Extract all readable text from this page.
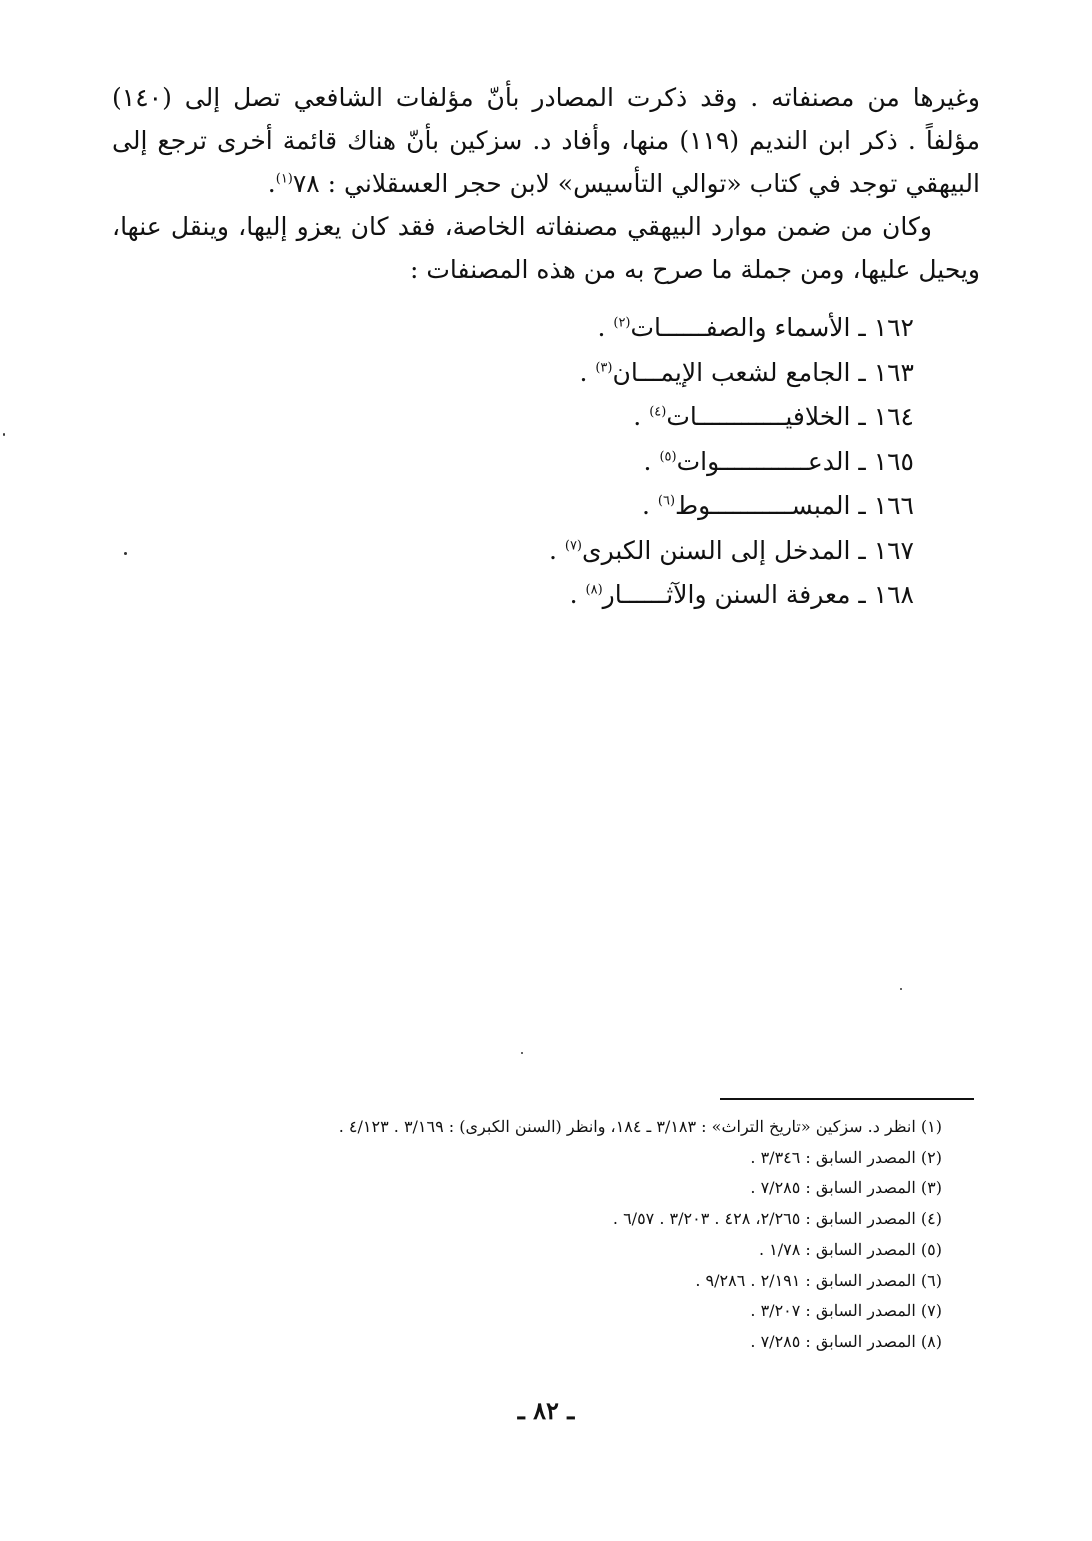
وغيرها من مصنفاته . وقد ذكرت المصادر بأنّ مؤلفات الشافعي تصل إلى (١٤٠) مؤلفاً . ذكر ابن النديم (١١٩) منها، وأفاد د. سزكين بأنّ هناك قائمة أخرى ترجع إلى البيهقي توجد في كتاب «توالي التأسيس» لابن حجر العسقلاني : ٧٨$^{(١)}$.

وكان من ضمن موارد البيهقي مصنفاته الخاصة، فقد كان يعزو إليها، وينقل عنها، ويحيل عليها، ومن جملة ما صرح به من هذه المصنفات :

١٦٢ ـ الأسماء والصفــــــات$^{(٢)}$ .
١٦٣ ـ الجامع لشعب الإيمـــان$^{(٣)}$ .
١٦٤ ـ الخلافيــــــــــــات$^{(٤)}$ .
١٦٥ ـ الدعــــــــــــوات$^{(٥)}$ .
١٦٦ ـ المبســـــــــــوط$^{(٦)}$ .
١٦٧ ـ المدخل إلى السنن الكبرى$^{(٧)}$ .
١٦٨ ـ معرفة السنن والآثــــــار$^{(٨)}$ .
(١) انظر د. سزكين «تاريخ التراث» : ٣/١٨٣ ـ ١٨٤، وانظر (السنن الكبرى) : ٣/١٦٩ . ٤/١٢٣ .
(٢) المصدر السابق : ٣/٣٤٦ .
(٣) المصدر السابق : ٧/٢٨٥ .
(٤) المصدر السابق : ٢/٢٦٥، ٤٢٨ . ٣/٢٠٣ . ٦/٥٧ .
(٥) المصدر السابق : ١/٧٨ .
(٦) المصدر السابق : ٢/١٩١ . ٩/٢٨٦ .
(٧) المصدر السابق : ٣/٢٠٧ .
(٨) المصدر السابق : ٧/٢٨٥ .
ـ ٨٢ ـ
